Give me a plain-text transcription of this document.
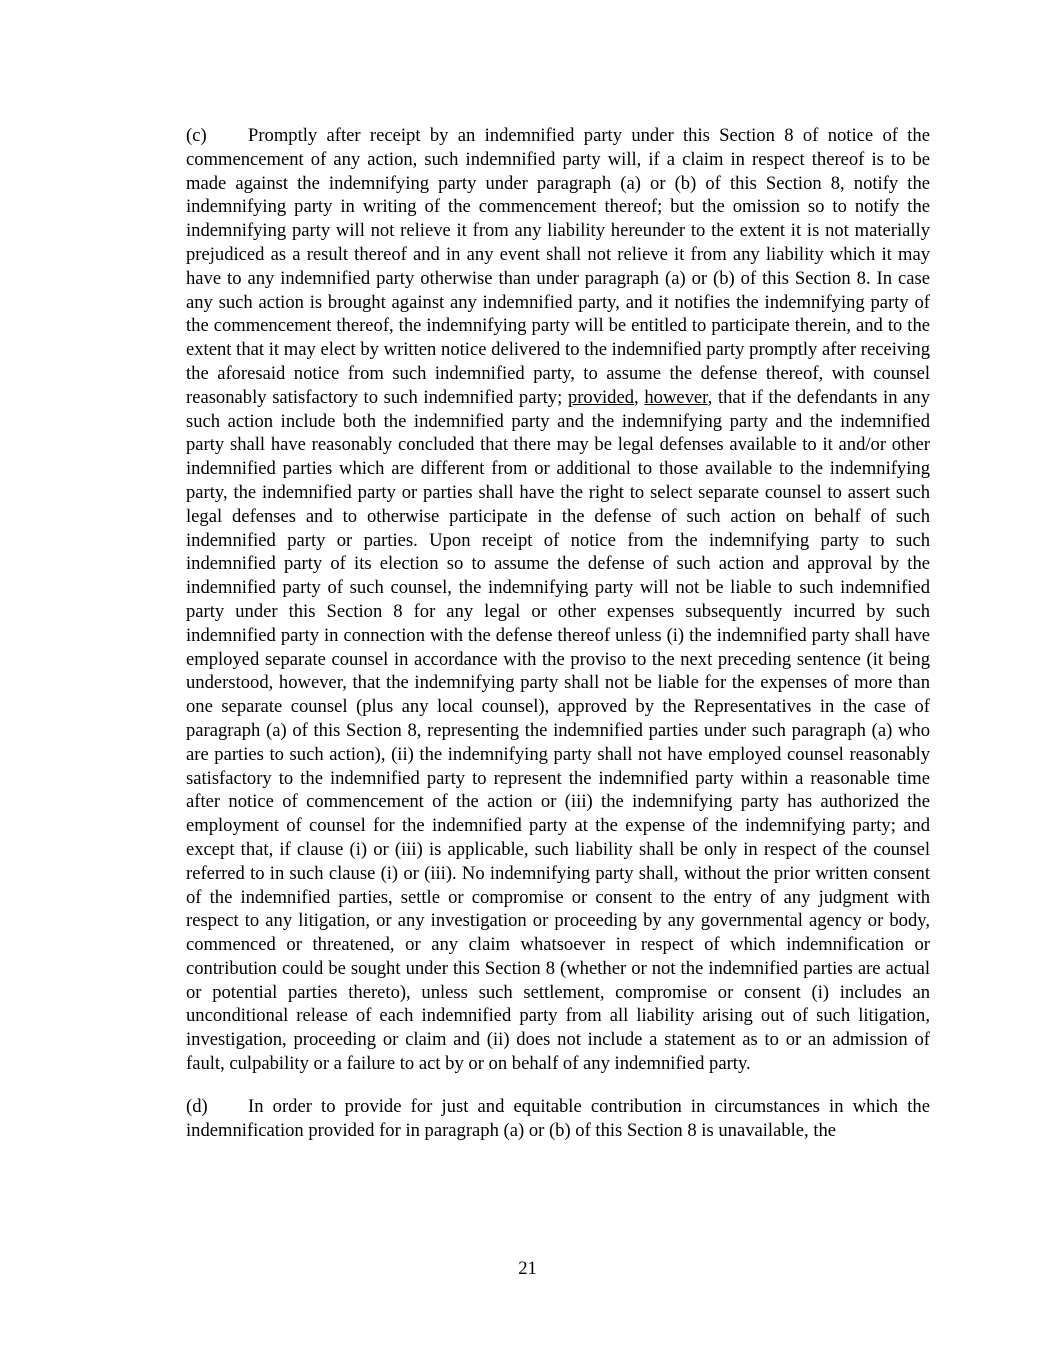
(c) Promptly after receipt by an indemnified party under this Section 8 of notice of the commencement of any action, such indemnified party will, if a claim in respect thereof is to be made against the indemnifying party under paragraph (a) or (b) of this Section 8, notify the indemnifying party in writing of the commencement thereof; but the omission so to notify the indemnifying party will not relieve it from any liability hereunder to the extent it is not materially prejudiced as a result thereof and in any event shall not relieve it from any liability which it may have to any indemnified party otherwise than under paragraph (a) or (b) of this Section 8. In case any such action is brought against any indemnified party, and it notifies the indemnifying party of the commencement thereof, the indemnifying party will be entitled to participate therein, and to the extent that it may elect by written notice delivered to the indemnified party promptly after receiving the aforesaid notice from such indemnified party, to assume the defense thereof, with counsel reasonably satisfactory to such indemnified party; provided, however, that if the defendants in any such action include both the indemnified party and the indemnifying party and the indemnified party shall have reasonably concluded that there may be legal defenses available to it and/or other indemnified parties which are different from or additional to those available to the indemnifying party, the indemnified party or parties shall have the right to select separate counsel to assert such legal defenses and to otherwise participate in the defense of such action on behalf of such indemnified party or parties. Upon receipt of notice from the indemnifying party to such indemnified party of its election so to assume the defense of such action and approval by the indemnified party of such counsel, the indemnifying party will not be liable to such indemnified party under this Section 8 for any legal or other expenses subsequently incurred by such indemnified party in connection with the defense thereof unless (i) the indemnified party shall have employed separate counsel in accordance with the proviso to the next preceding sentence (it being understood, however, that the indemnifying party shall not be liable for the expenses of more than one separate counsel (plus any local counsel), approved by the Representatives in the case of paragraph (a) of this Section 8, representing the indemnified parties under such paragraph (a) who are parties to such action), (ii) the indemnifying party shall not have employed counsel reasonably satisfactory to the indemnified party to represent the indemnified party within a reasonable time after notice of commencement of the action or (iii) the indemnifying party has authorized the employment of counsel for the indemnified party at the expense of the indemnifying party; and except that, if clause (i) or (iii) is applicable, such liability shall be only in respect of the counsel referred to in such clause (i) or (iii). No indemnifying party shall, without the prior written consent of the indemnified parties, settle or compromise or consent to the entry of any judgment with respect to any litigation, or any investigation or proceeding by any governmental agency or body, commenced or threatened, or any claim whatsoever in respect of which indemnification or contribution could be sought under this Section 8 (whether or not the indemnified parties are actual or potential parties thereto), unless such settlement, compromise or consent (i) includes an unconditional release of each indemnified party from all liability arising out of such litigation, investigation, proceeding or claim and (ii) does not include a statement as to or an admission of fault, culpability or a failure to act by or on behalf of any indemnified party.

(d) In order to provide for just and equitable contribution in circumstances in which the indemnification provided for in paragraph (a) or (b) of this Section 8 is unavailable, the

21
